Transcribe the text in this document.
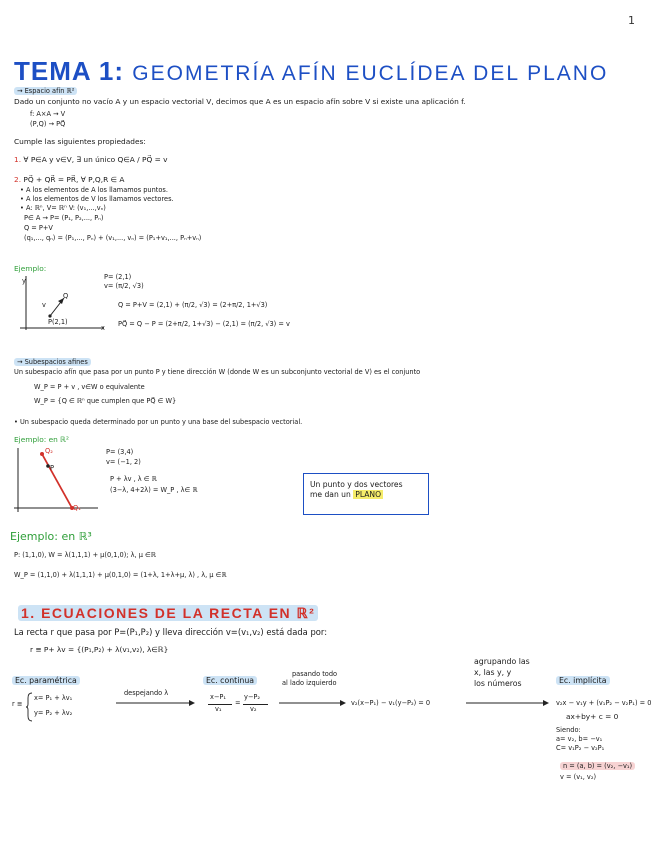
1
TEMA 1: GEOMETRÍA AFÍN EUCLÍDEA DEL PLANO
→ Espacio afín ℝ²
Dado un conjunto no vacío A y un espacio vectorial V, decimos que A es un espacio afín sobre V si existe una aplicación f.
f: A×A → V
(P,Q) → PQ⃗
Cumple las siguientes propiedades:
1. ∀ P∈A y v∈V, ∃ un único Q∈A / PQ⃗ = v
2. PQ⃗ + QR⃗ = PR⃗, ∀ P,Q,R ∈ A
• A los elementos de A los llamamos puntos.
• A los elementos de V los llamamos vectores.
• A: ℝⁿ, V= ℝⁿ V: (v₁,...,vₙ)
P∈ A → P= (P₁, P₂,..., Pₙ)
Q = P+V
(q₁,..., qₙ) = (P₁,..., Pₙ) + (v₁,..., vₙ) = (P₁+v₁,..., Pₙ+vₙ)
Ejemplo:
y
x
Q
v
P(2,1)
P= (2,1)
v= (π/2, √3)
Q = P+V = (2,1) + (π/2, √3) = (2+π/2, 1+√3)
PQ⃗ = Q − P = (2+π/2, 1+√3) − (2,1) = (π/2, √3) = v
→ Subespacios afines
Un subespacio afín que pasa por un punto P y tiene dirección W (donde W es un subconjunto vectorial de V) es el conjunto
W_P = P + v , v∈W o equivalente
W_P = {Q ∈ ℝⁿ que cumplen que PQ⃗ ∈ W}
• Un subespacio queda determinado por un punto y una base del subespacio vectorial.
Ejemplo: en ℝ²
Q₂
P
Q₁
P= (3,4)
v= (−1, 2)
P + λv , λ ∈ ℝ
(3−λ, 4+2λ) = W_P , λ∈ ℝ
Un punto y dos vectores
me dan un PLANO
Ejemplo: en ℝ³
P: (1,1,0), W = λ(1,1,1) + μ(0,1,0); λ, μ ∈ℝ
W_P = (1,1,0) + λ(1,1,1) + μ(0,1,0) = (1+λ, 1+λ+μ, λ) , λ, μ ∈ℝ
1. ECUACIONES DE LA RECTA EN ℝ²
La recta r que pasa por P=(P₁,P₂) y lleva dirección v=(v₁,v₂) está dada por:
r ≡ P+ λv = {(P₁,P₂) + λ(v₁,v₂), λ∈ℝ}
Ec. paramétrica
r ≡
x= P₁ + λv₁
y= P₂ + λv₂
despejando λ
Ec. continua
x−P₁
v₁
=
y−P₂
v₂
pasando todo
al lado izquierdo
v₂(x−P₁) − v₁(y−P₂) = 0
agrupando las
x, las y, y
los números	Ec. implícita
v₂x − v₁y + (v₁P₂ − v₂P₁) = 0
ax+by+ c = 0
Siendo:
a= v₂, b= −v₁
C= v₁P₂ − v₂P₁
n = (a, b) = (v₂, −v₁)
v = (v₁, v₂)
